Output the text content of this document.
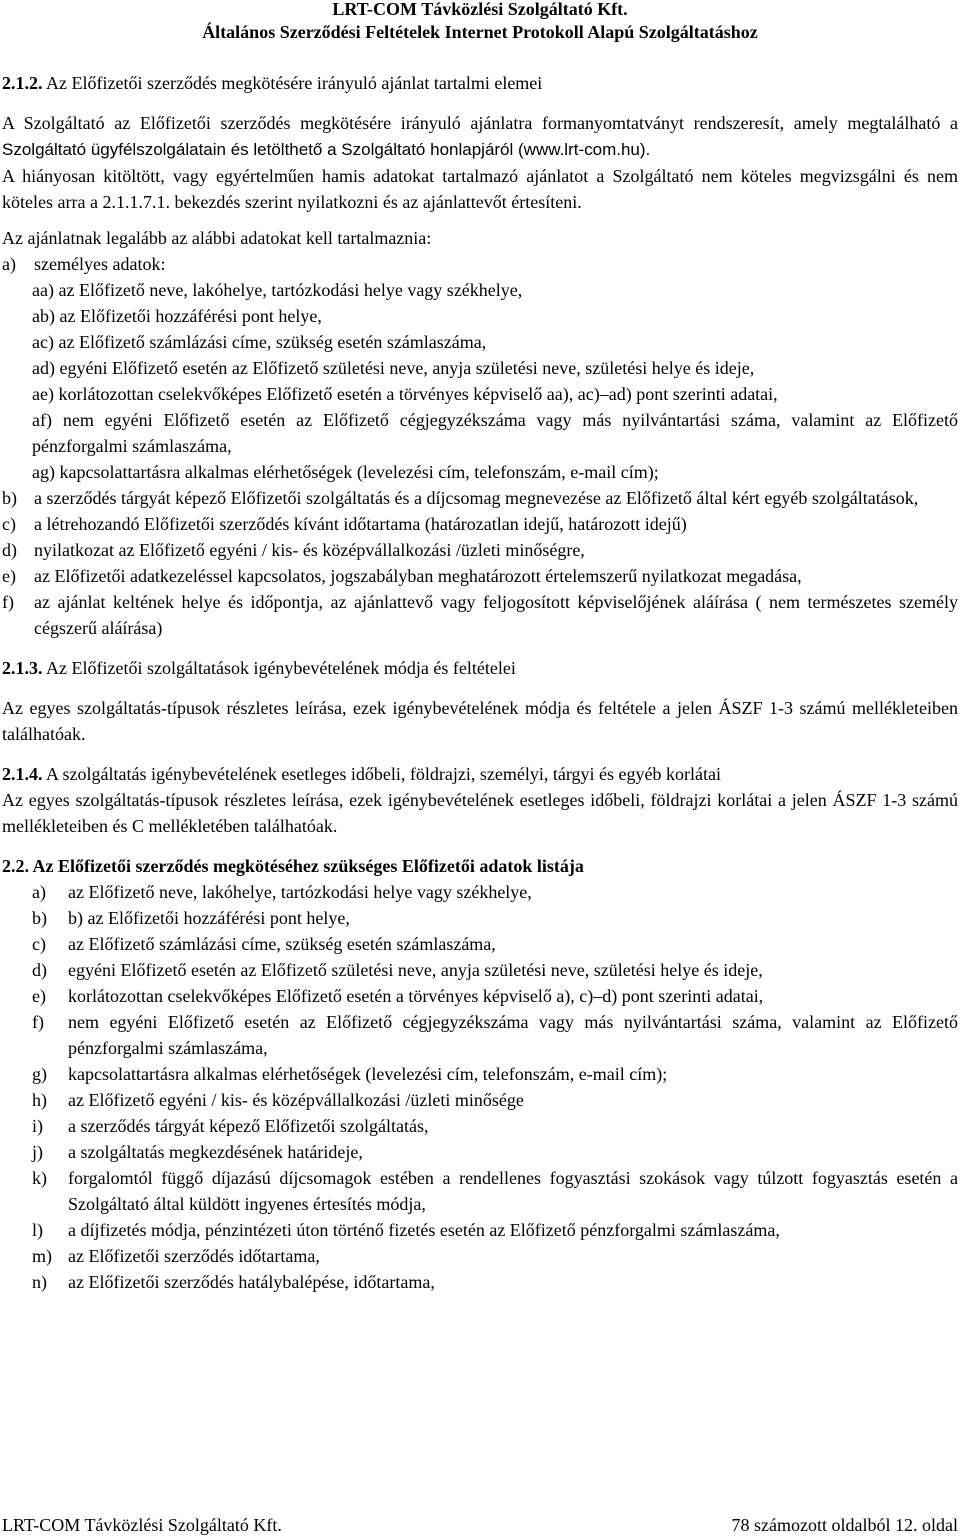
LRT-COM Távközlési Szolgáltató Kft.
Általános Szerződési Feltételek Internet Protokoll Alapú Szolgáltatáshoz

2.1.2. Az Előfizetői szerződés megkötésére irányuló ajánlat tartalmi elemei

A Szolgáltató az Előfizetői szerződés megkötésére irányuló ajánlatra formanyomtatványt rendszeresít, amely megtalálható a Szolgáltató ügyfélszolgálatain és letölthető a Szolgáltató honlapjáról (www.lrt-com.hu).

A hiányosan kitöltött, vagy egyértelműen hamis adatokat tartalmazó ajánlatot a Szolgáltató nem köteles megvizsgálni és nem köteles arra a 2.1.1.7.1. bekezdés szerint nyilatkozni és az ajánlattevőt értesíteni.

Az ajánlatnak legalább az alábbi adatokat kell tartalmaznia:

a)	személyes adatok:

aa) az Előfizető neve, lakóhelye, tartózkodási helye vagy székhelye,

ab) az Előfizetői hozzáférési pont helye,

ac) az Előfizető számlázási címe, szükség esetén számlaszáma,

ad) egyéni Előfizető esetén az Előfizető születési neve, anyja születési neve, születési helye és ideje,

ae) korlátozottan cselekvőképes Előfizető esetén a törvényes képviselő aa), ac)–ad) pont szerinti adatai,

af) nem egyéni Előfizető esetén az Előfizető cégjegyzékszáma vagy más nyilvántartási száma, valamint az Előfizető pénzforgalmi számlaszáma,

ag) kapcsolattartásra alkalmas elérhetőségek (levelezési cím, telefonszám, e-mail cím);

b) a szerződés tárgyát képező Előfizetői szolgáltatás és a díjcsomag megnevezése az Előfizető által kért egyéb szolgáltatások,
c)	a létrehozandó Előfizetői szerződés kívánt időtartama (határozatlan idejű, határozott idejű)
d) nyilatkozat az Előfizető egyéni / kis- és középvállalkozási /üzleti minőségre,
e)	az Előfizetői adatkezeléssel kapcsolatos, jogszabályban meghatározott értelemszerű nyilatkozat megadása,
f)	az ajánlat keltének helye és időpontja, az ajánlattevő vagy feljogosított képviselőjének aláírása ( nem természetes személy cégszerű aláírása)

2.1.3. Az Előfizetői szolgáltatások igénybevételének módja és feltételei

Az egyes szolgáltatás-típusok részletes leírása, ezek igénybevételének módja és feltétele a jelen ÁSZF 1-3 számú mellékleteiben találhatóak.

2.1.4. A szolgáltatás igénybevételének esetleges időbeli, földrajzi, személyi, tárgyi és egyéb korlátai

Az egyes szolgáltatás-típusok részletes leírása, ezek igénybevételének esetleges időbeli, földrajzi korlátai a jelen ÁSZF 1-3 számú mellékleteiben és C mellékletében találhatóak.

2.2. Az Előfizetői szerződés megkötéséhez szükséges Előfizetői adatok listája

a)	az Előfizető neve, lakóhelye, tartózkodási helye vagy székhelye,
b)	b) az Előfizetői hozzáférési pont helye,
c)	az Előfizető számlázási címe, szükség esetén számlaszáma,
d)	egyéni Előfizető esetén az Előfizető születési neve, anyja születési neve, születési helye és ideje,
e)	korlátozottan cselekvőképes Előfizető esetén a törvényes képviselő a), c)–d) pont szerinti adatai,
f)	nem egyéni Előfizető esetén az Előfizető cégjegyzékszáma vagy más nyilvántartási száma, valamint az Előfizető pénzforgalmi számlaszáma,
g)	kapcsolattartásra alkalmas elérhetőségek (levelezési cím, telefonszám, e-mail cím);
h)	az Előfizető egyéni / kis- és középvállalkozási /üzleti minősége
i)	a szerződés tárgyát képező Előfizetői szolgáltatás,
j)	a szolgáltatás megkezdésének határideje,
k)	forgalomtól függő díjazású díjcsomagok estében a rendellenes fogyasztási szokások vagy túlzott fogyasztás esetén a Szolgáltató által küldött ingyenes értesítés módja,
l)	a díjfizetés módja, pénzintézeti úton történő fizetés esetén az Előfizető pénzforgalmi számlaszáma,
m) az Előfizetői szerződés időtartama,
n)	az Előfizetői szerződés hatálybalépése, időtartama,
LRT-COM Távközlési Szolgáltató Kft.	78 számozott oldalból 12. oldal
